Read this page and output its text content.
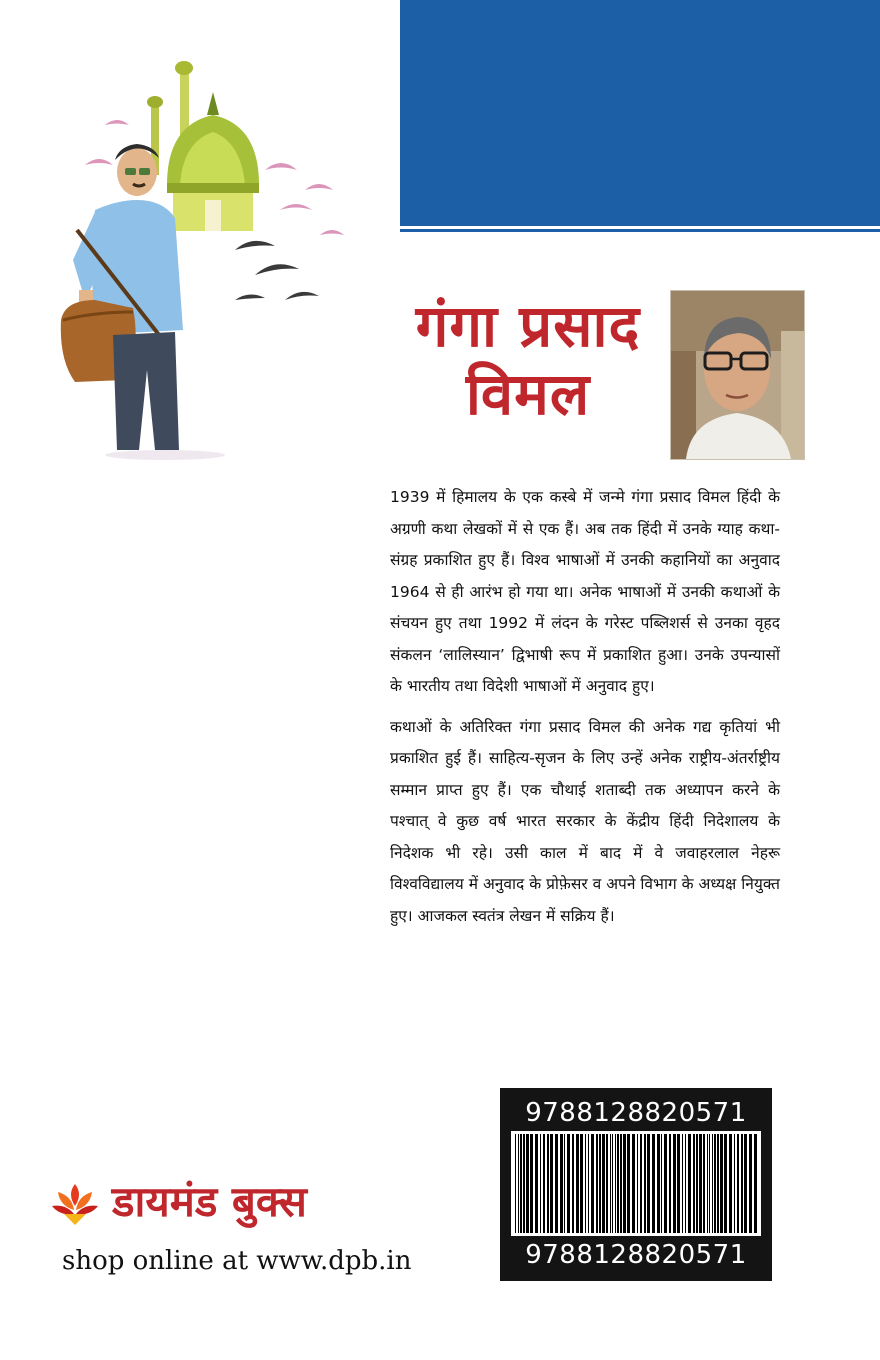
गंगा प्रसाद विमल

1939 में हिमालय के एक कस्बे में जन्मे गंगा प्रसाद विमल हिंदी के अग्रणी कथा लेखकों में से एक हैं। अब तक हिंदी में उनके ग्याह कथा-संग्रह प्रकाशित हुए हैं। विश्व भाषाओं में उनकी कहानियों का अनुवाद 1964 से ही आरंभ हो गया था। अनेक भाषाओं में उनकी कथाओं के संचयन हुए तथा 1992 में लंदन के गरेस्ट पब्लिशर्स से उनका वृहद संकलन ‘लालिस्यान’ द्विभाषी रूप में प्रकाशित हुआ। उनके उपन्यासों के भारतीय तथा विदेशी भाषाओं में अनुवाद हुए।

कथाओं के अतिरिक्त गंगा प्रसाद विमल की अनेक गद्य कृतियां भी प्रकाशित हुई हैं। साहित्य-सृजन के लिए उन्हें अनेक राष्ट्रीय-अंतर्राष्ट्रीय सम्मान प्राप्त हुए हैं। एक चौथाई शताब्दी तक अध्यापन करने के पश्चात् वे कुछ वर्ष भारत सरकार के केंद्रीय हिंदी निदेशालय के निदेशक भी रहे। उसी काल में बाद में वे जवाहरलाल नेहरू विश्वविद्यालय में अनुवाद के प्रोफ़ेसर व अपने विभाग के अध्यक्ष नियुक्त हुए। आजकल स्वतंत्र लेखन में सक्रिय हैं।

डायमंड बुक्स
shop online at www.dpb.in
9788128820571
9788128820571
